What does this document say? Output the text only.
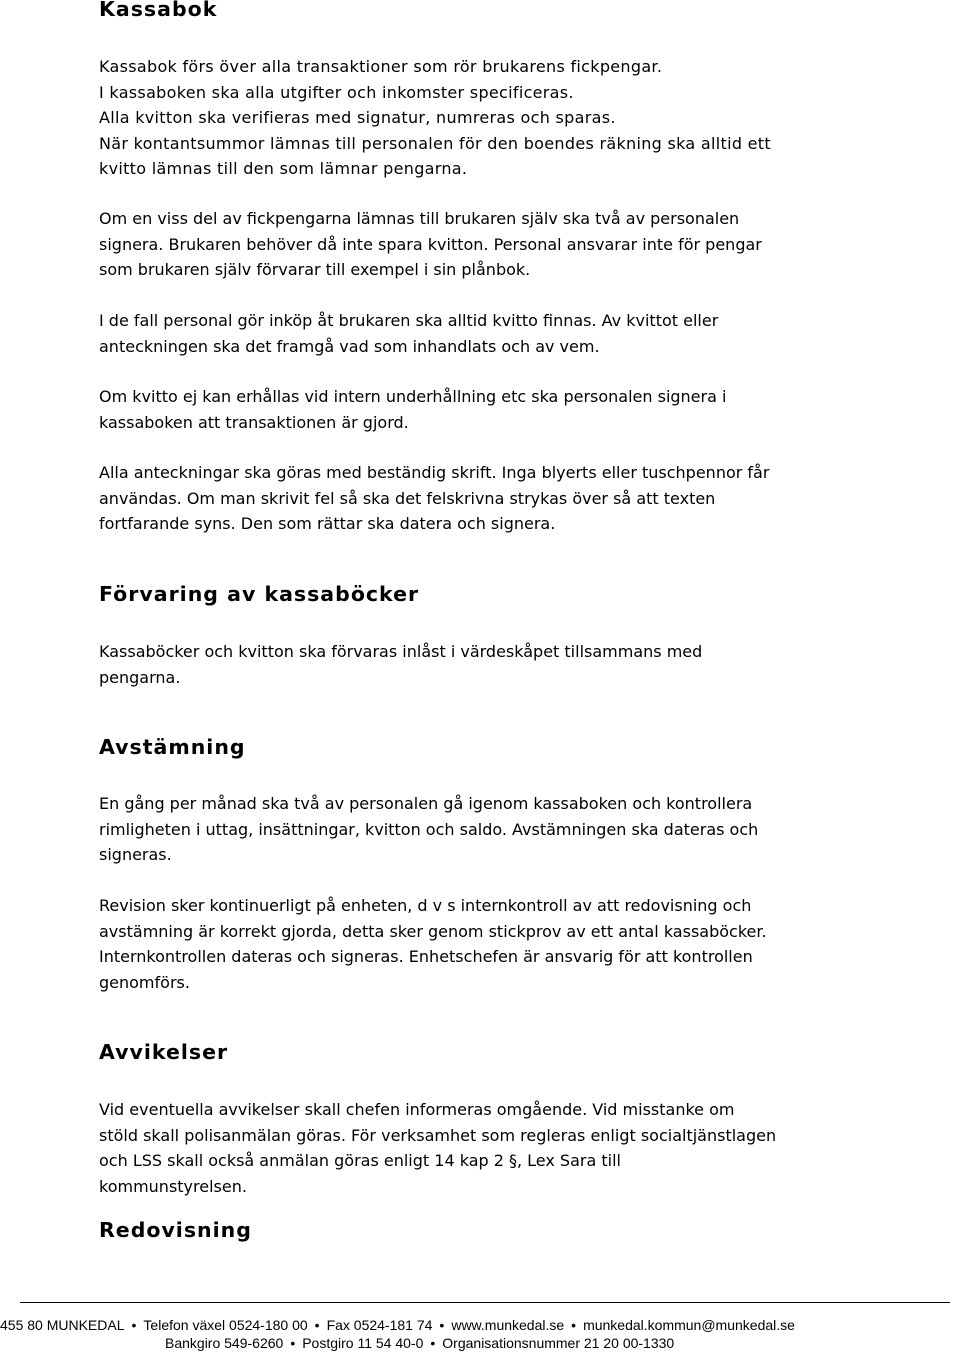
Kassabok

Kassabok förs över alla transaktioner som rör brukarens fickpengar.
I kassaboken ska alla utgifter och inkomster specificeras.
Alla kvitton ska verifieras med signatur, numreras och sparas.
När kontantsummor lämnas till personalen för den boendes räkning ska alltid ett
kvitto lämnas till den som lämnar pengarna.

Om en viss del av fickpengarna lämnas till brukaren själv ska två av personalen
signera. Brukaren behöver då inte spara kvitton. Personal ansvarar inte för pengar
som brukaren själv förvarar till exempel i sin plånbok.

I de fall personal gör inköp åt brukaren ska alltid kvitto finnas. Av kvittot eller
anteckningen ska det framgå vad som inhandlats och av vem.

Om kvitto ej kan erhållas vid intern underhållning etc ska personalen signera i
kassaboken att transaktionen är gjord.

Alla anteckningar ska göras med beständig skrift. Inga blyerts eller tuschpennor får
användas. Om man skrivit fel så ska det felskrivna strykas över så att texten
fortfarande syns. Den som rättar ska datera och signera.

Förvaring av kassaböcker

Kassaböcker och kvitton ska förvaras inlåst i värdeskåpet tillsammans med
pengarna.

Avstämning

En gång per månad ska två av personalen gå igenom kassaboken och kontrollera
rimligheten i uttag, insättningar, kvitton och saldo. Avstämningen ska dateras och
signeras.

Revision sker kontinuerligt på enheten, d v s internkontroll av att redovisning och
avstämning är korrekt gjorda, detta sker genom stickprov av ett antal kassaböcker.
Internkontrollen dateras och signeras. Enhetschefen är ansvarig för att kontrollen
genomförs.

Avvikelser

Vid eventuella avvikelser skall chefen informeras omgående. Vid misstanke om
stöld skall polisanmälan göras. För verksamhet som regleras enligt socialtjänstlagen
och LSS skall också anmälan göras enligt 14 kap 2 §, Lex Sara till
kommunstyrelsen.

Redovisning
455 80 MUNKEDAL • Telefon växel 0524-180 00 • Fax 0524-181 74 • www.munkedal.se • munkedal.kommun@munkedal.se
Bankgiro 549-6260 • Postgiro 11 54 40-0 • Organisationsnummer 21 20 00-1330
